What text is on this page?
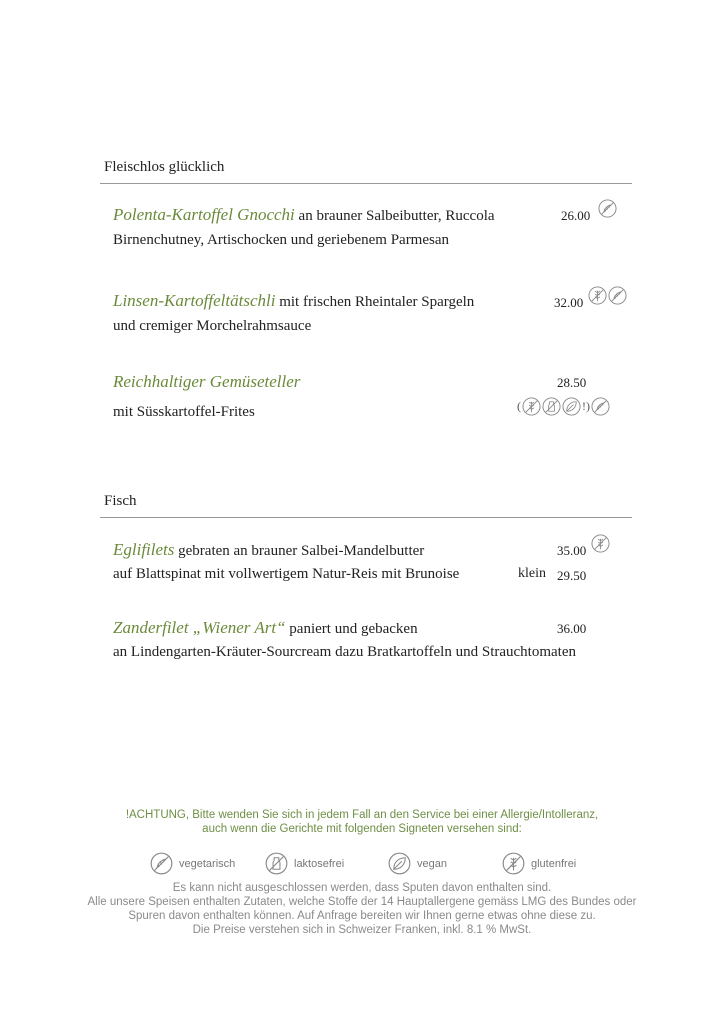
Fleischlos glücklich
Polenta-Kartoffel Gnocchi an brauner Salbeibutter, Ruccola	26.00
Birnenchutney, Artischocken und geriebenem Parmesan
Linsen-Kartoffeltätschli mit frischen Rheintaler Spargeln	32.00
und cremiger Morchelrahmsauce
Reichhaltiger Gemüseteller	28.50
mit Süsskartoffel-Frites	(	!)
Fisch
Eglifilets gebraten an brauner Salbei-Mandelbutter	35.00
auf Blattspinat mit vollwertigem Natur-Reis mit Brunoise	klein 29.50
Zanderfilet „Wiener Art“ paniert und gebacken	36.00
an Lindengarten-Kräuter-Sourcream dazu Bratkartoffeln und Strauchtomaten
!ACHTUNG, Bitte wenden Sie sich in jedem Fall an den Service bei einer Allergie/Intolleranz,
auch wenn die Gerichte mit folgenden Signeten versehen sind:
vegetarisch	laktosefrei	vegan	glutenfrei
Es kann nicht ausgeschlossen werden, dass Sputen davon enthalten sind.
Alle unsere Speisen enthalten Zutaten, welche Stoffe der 14 Hauptallergene gemäss LMG des Bundes oder
Spuren davon enthalten können. Auf Anfrage bereiten wir Ihnen gerne etwas ohne diese zu.
Die Preise verstehen sich in Schweizer Franken, inkl. 8.1 % MwSt.
